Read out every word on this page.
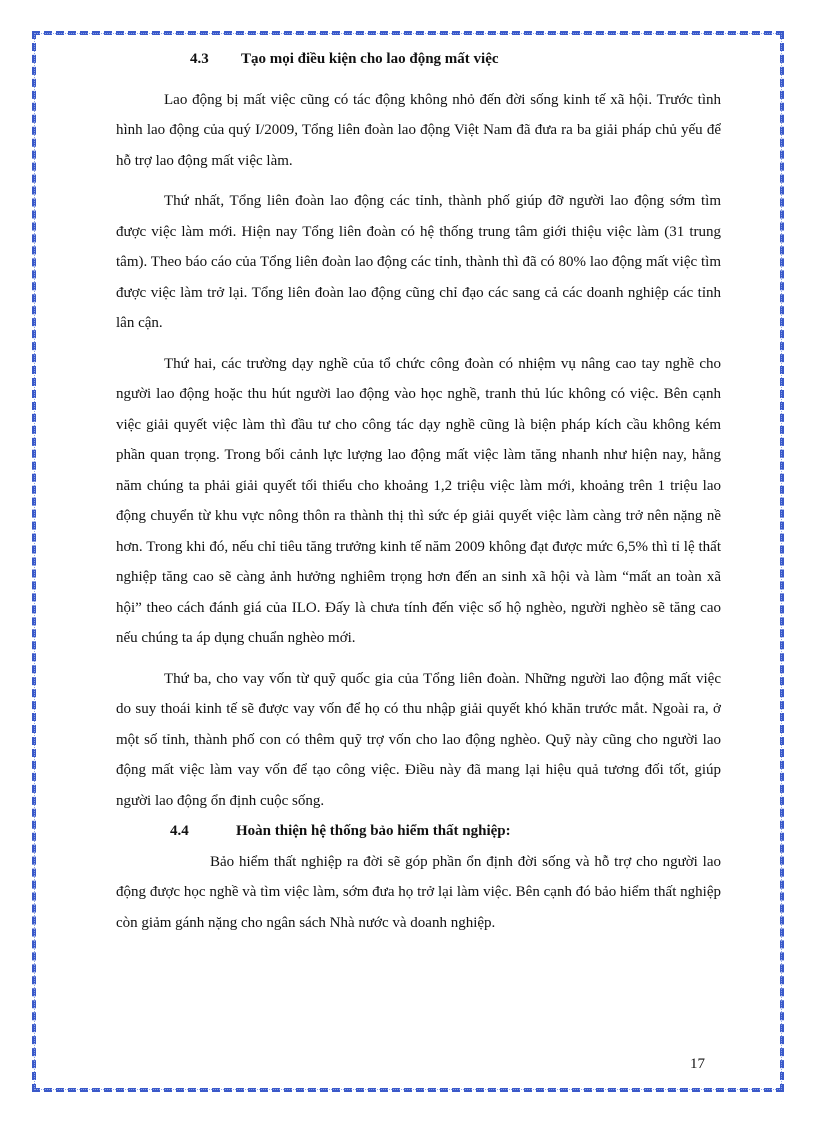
4.3 Tạo mọi điều kiện cho lao động mất việc

Lao động bị mất việc cũng có tác động không nhỏ đến đời sống kinh tế xã hội. Trước tình hình lao động của quý I/2009, Tổng liên đoàn lao động Việt Nam đã đưa ra ba giải pháp chủ yếu để hỗ trợ lao động mất việc làm.

Thứ nhất, Tổng liên đoàn lao động các tỉnh, thành phố giúp đỡ người lao động sớm tìm được việc làm mới. Hiện nay Tổng liên đoàn có hệ thống trung tâm giới thiệu việc làm (31 trung tâm). Theo báo cáo của Tổng liên đoàn lao động các tỉnh, thành thì đã có 80% lao động mất việc tìm được việc làm trở lại. Tổng liên đoàn lao động cũng chỉ đạo các sang cả các doanh nghiệp các tỉnh lân cận.

Thứ hai, các trường dạy nghề của tổ chức công đoàn có nhiệm vụ nâng cao tay nghề cho người lao động hoặc thu hút người lao động vào học nghề, tranh thủ lúc không có việc. Bên cạnh việc giải quyết việc làm thì đầu tư cho công tác dạy nghề cũng là biện pháp kích cầu không kém phần quan trọng. Trong bối cảnh lực lượng lao động mất việc làm tăng nhanh như hiện nay, hằng năm chúng ta phải giải quyết tối thiểu cho khoảng 1,2 triệu việc làm mới, khoảng trên 1 triệu lao động chuyển từ khu vực nông thôn ra thành thị thì sức ép giải quyết việc làm càng trở nên nặng nề hơn. Trong khi đó, nếu chỉ tiêu tăng trưởng kinh tế năm 2009 không đạt được mức 6,5% thì tỉ lệ thất nghiệp tăng cao sẽ càng ảnh hưởng nghiêm trọng hơn đến an sinh xã hội và làm “mất an toàn xã hội” theo cách đánh giá của ILO. Đấy là chưa tính đến việc số hộ nghèo, người nghèo sẽ tăng cao nếu chúng ta áp dụng chuẩn nghèo mới.

Thứ ba, cho vay vốn từ quỹ quốc gia của Tổng liên đoàn. Những người lao động mất việc do suy thoái kinh tế sẽ được vay vốn để họ có thu nhập giải quyết khó khăn trước mắt. Ngoài ra, ở một số tỉnh, thành phố con có thêm quỹ trợ vốn cho lao động nghèo. Quỹ này cũng cho người lao động mất việc làm vay vốn để tạo công việc. Điều này đã mang lại hiệu quả tương đối tốt, giúp người lao động ổn định cuộc sống.

4.4	Hoàn thiện hệ thống bảo hiểm thất nghiệp:

Bảo hiểm thất nghiệp ra đời sẽ góp phần ổn định đời sống và hỗ trợ cho người lao động được học nghề và tìm việc làm, sớm đưa họ trở lại làm việc. Bên cạnh đó bảo hiểm thất nghiệp còn giảm gánh nặng cho ngân sách Nhà nước và doanh nghiệp.

17
